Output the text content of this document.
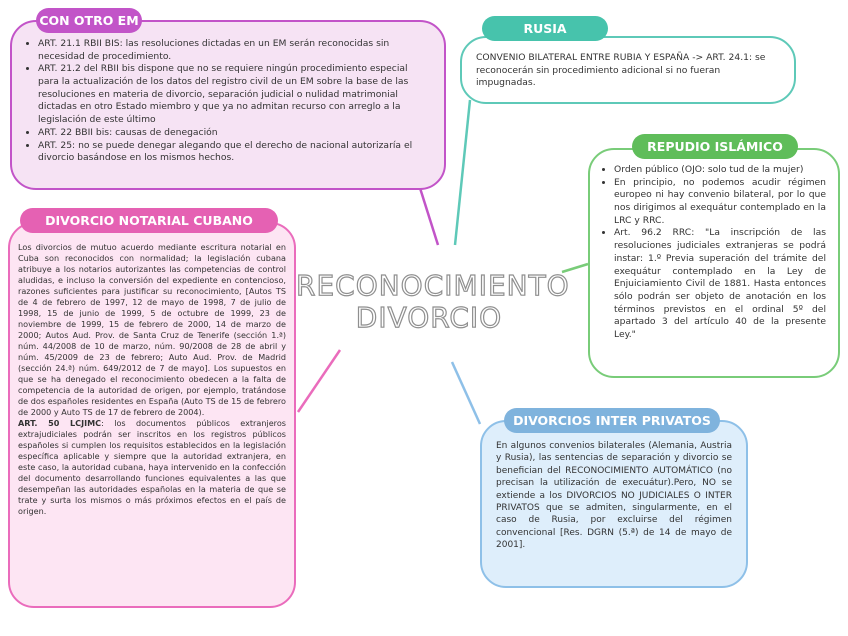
• ART. 21.1 RBII BIS: las resoluciones dictadas en un EM serán reconocidas sin necesidad de procedimiento.
• ART. 21.2 del RBII bis dispone que no se requiere ningún procedimiento especial para la actualización de los datos del registro civil de un EM sobre la base de las resoluciones en materia de divorcio, separación judicial o nulidad matrimonial dictadas en otro Estado miembro y que ya no admitan recurso con arreglo a la legislación de este último
• ART. 22 BBII bis: causas de denegación
• ART. 25: no se puede denegar alegando que el derecho de nacional autorizaría el divorcio basándose en los mismos hechos.
CON OTRO EM

CONVENIO BILATERAL ENTRE RUBIA Y ESPAÑA -> ART. 24.1: se reconocerán sin procedimiento adicional si no fueran impugnadas.

RUSIA
• Orden público (OJO: solo tud de la mujer)
• En principio, no podemos acudir régimen europeo ni hay convenio bilateral, por lo que nos dirigimos al exequátur contemplado en la LRC y RRC.
• Art. 96.2 RRC: "La inscripción de las resoluciones judiciales extranjeras se podrá instar: 1.º Previa superación del trámite del exequátur contemplado en la Ley de Enjuiciamiento Civil de 1881. Hasta entonces sólo podrán ser objeto de anotación en los términos previstos en el ordinal 5º del apartado 3 del artículo 40 de la presente Ley."
REPUDIO ISLÁMICO
RECONOCIMIENTO
DIVORCIO

Los divorcios de mutuo acuerdo mediante escritura notarial en Cuba son reconocidos con normalidad; la legislación cubana atribuye a los notarios autorizantes las competencias de control aludidas, e incluso la conversión del expediente en contencioso, razones suficientes para justificar su reconocimiento, [Autos TS de 4 de febrero de 1997, 12 de mayo de 1998, 7 de julio de 1998, 15 de junio de 1999, 5 de octubre de 1999, 23 de noviembre de 1999, 15 de febrero de 2000, 14 de marzo de 2000; Autos Aud. Prov. de Santa Cruz de Tenerife (sección 1.ª) núm. 44/2008 de 10 de marzo, núm. 90/2008 de 28 de abril y núm. 45/2009 de 23 de febrero; Auto Aud. Prov. de Madrid (sección 24.ª) núm. 649/2012 de 7 de mayo]. Los supuestos en que se ha denegado el reconocimiento obedecen a la falta de competencia de la autoridad de origen, por ejemplo, tratándose de dos españoles residentes en España (Auto TS de 15 de febrero de 2000 y Auto TS de 17 de febrero de 2004).

ART. 50 LCJIMC: los documentos públicos extranjeros extrajudiciales podrán ser inscritos en los registros públicos españoles si cumplen los requisitos establecidos en la legislación específica aplicable y siempre que la autoridad extranjera, en este caso, la autoridad cubana, haya intervenido en la confección del documento desarrollando funciones equivalentes a las que desempeñan las autoridades españolas en la materia de que se trate y surta los mismos o más próximos efectos en el país de origen.

DIVORCIO NOTARIAL CUBANO

En algunos convenios bilaterales (Alemania, Austria y Rusia), las sentencias de separación y divorcio se benefician del RECONOCIMIENTO AUTOMÁTICO (no precisan la utilización de execuátur).Pero, NO se extiende a los DIVORCIOS NO JUDICIALES O INTER PRIVATOS que se admiten, singularmente, en el caso de Rusia, por excluirse del régimen convencional [Res. DGRN (5.ª) de 14 de mayo de 2001].

DIVORCIOS INTER PRIVATOS
